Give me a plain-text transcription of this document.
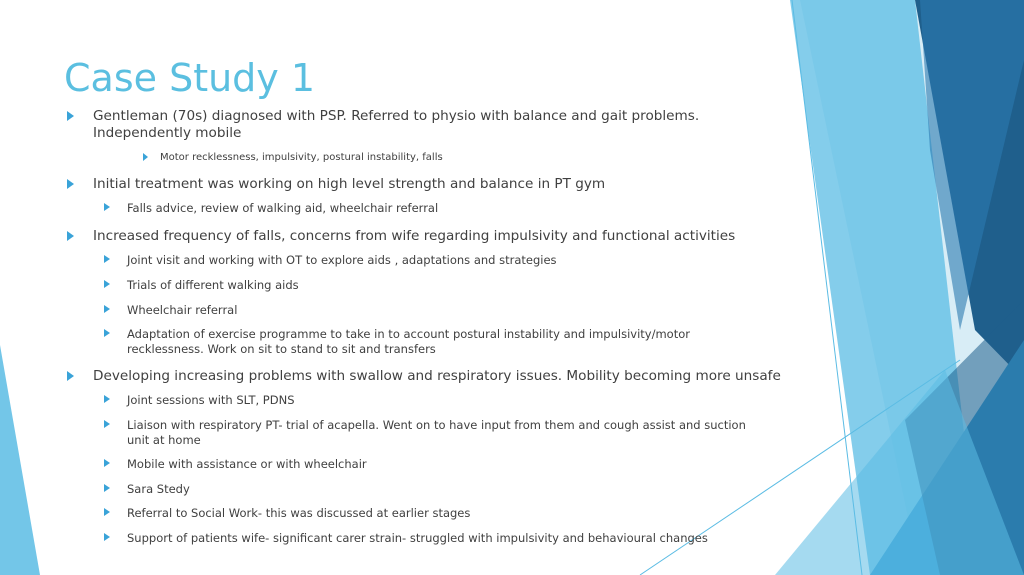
Case Study 1
Gentleman (70s) diagnosed with PSP. Referred to physio with balance and gait problems. Independently mobile
Motor recklessness, impulsivity, postural instability, falls
Initial treatment was working on high level strength and balance in PT gym
Falls advice, review of walking aid, wheelchair referral
Increased frequency of falls, concerns from wife regarding impulsivity and functional activities
Joint visit and working with OT to explore aids , adaptations and strategies
Trials of different walking aids
Wheelchair referral
Adaptation of exercise programme to take in to account postural instability and impulsivity/motor recklessness. Work on sit to stand to sit and transfers
Developing increasing problems with swallow and respiratory issues. Mobility becoming more unsafe
Joint sessions with SLT, PDNS
Liaison with respiratory PT- trial of acapella. Went on to have input from them and cough assist and suction unit at home
Mobile with assistance or with wheelchair
Sara Stedy
Referral to Social Work- this was discussed at earlier stages
Support of patients wife- significant carer strain- struggled with impulsivity and behavioural changes
